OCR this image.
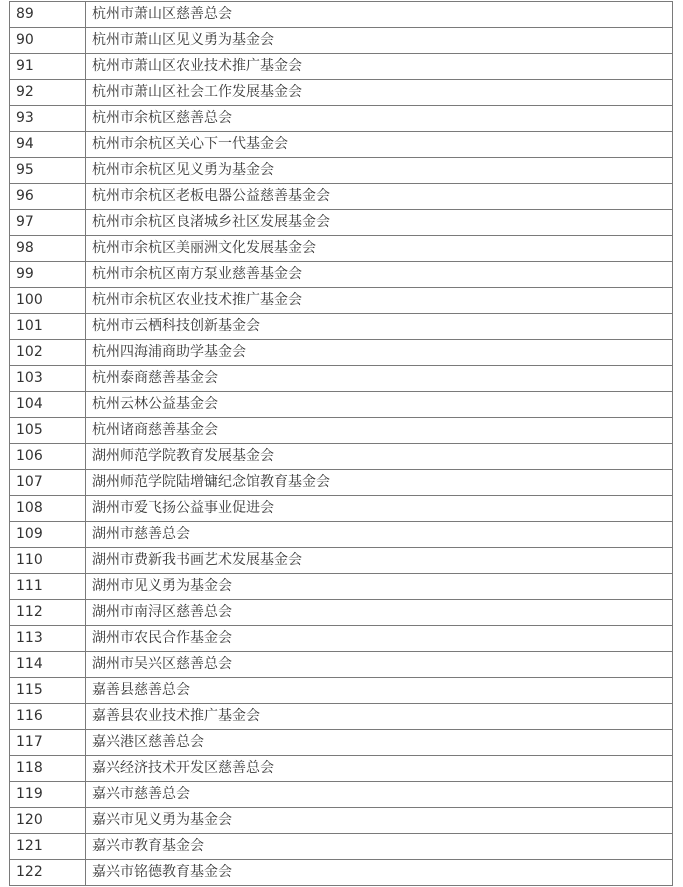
89	杭州市萧山区慈善总会
90	杭州市萧山区见义勇为基金会
91	杭州市萧山区农业技术推广基金会
92	杭州市萧山区社会工作发展基金会
93	杭州市余杭区慈善总会
94	杭州市余杭区关心下一代基金会
95	杭州市余杭区见义勇为基金会
96	杭州市余杭区老板电器公益慈善基金会
97	杭州市余杭区良渚城乡社区发展基金会
98	杭州市余杭区美丽洲文化发展基金会
99	杭州市余杭区南方泵业慈善基金会
100	杭州市余杭区农业技术推广基金会
101	杭州市云栖科技创新基金会
102	杭州四海浦商助学基金会
103	杭州泰商慈善基金会
104	杭州云林公益基金会
105	杭州诸商慈善基金会
106	湖州师范学院教育发展基金会
107	湖州师范学院陆增镛纪念馆教育基金会
108	湖州市爱飞扬公益事业促进会
109	湖州市慈善总会
110	湖州市费新我书画艺术发展基金会
111	湖州市见义勇为基金会
112	湖州市南浔区慈善总会
113	湖州市农民合作基金会
114	湖州市吴兴区慈善总会
115	嘉善县慈善总会
116	嘉善县农业技术推广基金会
117	嘉兴港区慈善总会
118	嘉兴经济技术开发区慈善总会
119	嘉兴市慈善总会
120	嘉兴市见义勇为基金会
121	嘉兴市教育基金会
122	嘉兴市铭德教育基金会
